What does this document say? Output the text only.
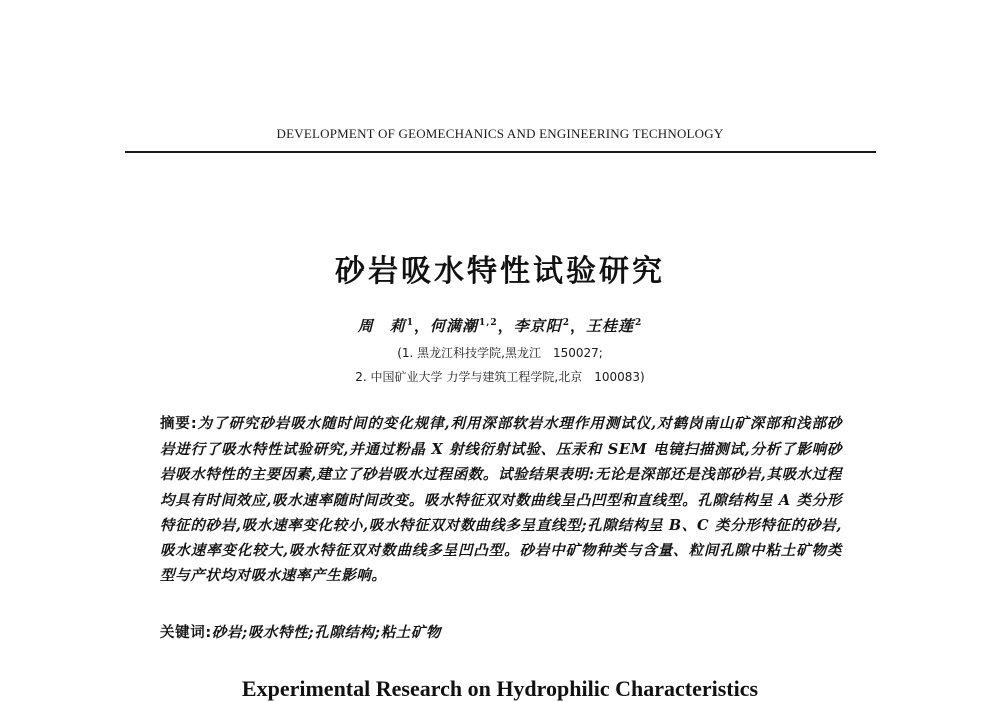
DEVELOPMENT OF GEOMECHANICS AND ENGINEERING TECHNOLOGY
砂岩吸水特性试验研究
周　莉$^1$，何满潮$^{1,2}$，李京阳$^2$，王桂莲$^2$
(1. 黑龙江科技学院,黑龙江　150027;
2. 中国矿业大学 力学与建筑工程学院,北京　100083)
摘要:为了研究砂岩吸水随时间的变化规律,利用深部软岩水理作用测试仪,对鹤岗南山矿深部和浅部砂岩进行了吸水特性试验研究,并通过粉晶 X 射线衍射试验、压汞和 SEM 电镜扫描测试,分析了影响砂岩吸水特性的主要因素,建立了砂岩吸水过程函数。试验结果表明:无论是深部还是浅部砂岩,其吸水过程均具有时间效应,吸水速率随时间改变。吸水特征双对数曲线呈凸凹型和直线型。孔隙结构呈 A 类分形特征的砂岩,吸水速率变化较小,吸水特征双对数曲线多呈直线型;孔隙结构呈 B、C 类分形特征的砂岩,吸水速率变化较大,吸水特征双对数曲线多呈凹凸型。砂岩中矿物种类与含量、粒间孔隙中粘土矿物类型与产状均对吸水速率产生影响。
关键词:砂岩;吸水特性;孔隙结构;粘土矿物
Experimental Research on Hydrophilic Characteristics
